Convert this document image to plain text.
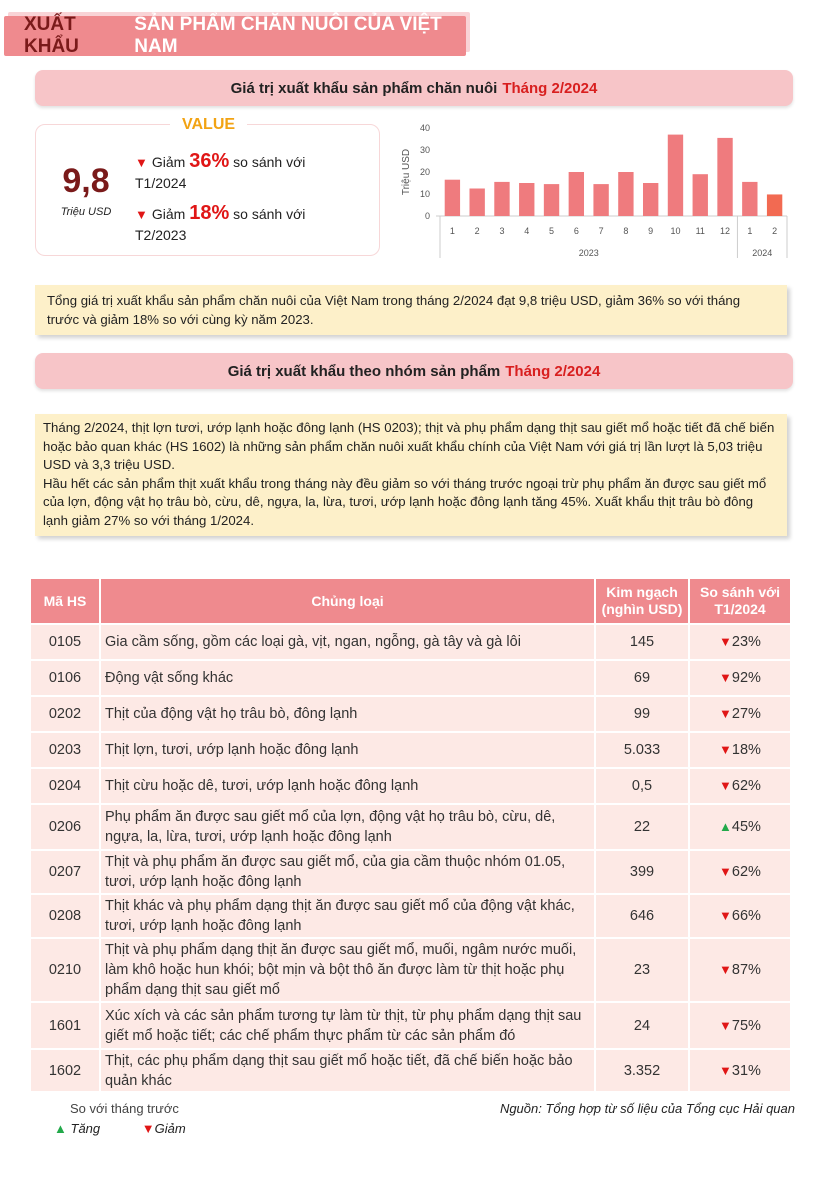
XUẤT KHẨU
SẢN PHẨM CHĂN NUÔI CỦA VIỆT NAM
Giá trị xuất khẩu sản phẩm chăn nuôi Tháng 2/2024
VALUE
9,8
Triệu USD
▼ Giảm 36% so sánh với T1/2024
▼ Giảm 18% so sánh với T2/2023
Triệu USD
0
10
20
30
40
1 2 3 4 5 6 7 8 9 10 11 12 1 2
2023	2024

Tổng giá trị xuất khẩu sản phẩm chăn nuôi của Việt Nam trong tháng 2/2024 đạt 9,8 triệu USD, giảm 36% so với tháng trước và giảm 18% so với cùng kỳ năm 2023.

Giá trị xuất khẩu theo nhóm sản phẩm Tháng 2/2024

Tháng 2/2024, thịt lợn tươi, ướp lạnh hoặc đông lạnh (HS 0203); thịt và phụ phẩm dạng thịt sau giết mổ hoặc tiết đã chế biến hoặc bảo quan khác (HS 1602) là những sản phẩm chăn nuôi xuất khẩu chính của Việt Nam với giá trị lần lượt là 5,03 triệu USD và 3,3 triệu USD.

Hầu hết các sản phẩm thịt xuất khẩu trong tháng này đều giảm so với tháng trước ngoại trừ phụ phẩm ăn được sau giết mổ của lợn, động vật họ trâu bò, cừu, dê, ngựa, la, lừa, tươi, ướp lạnh hoặc đông lạnh tăng 45%. Xuất khẩu thịt trâu bò đông lạnh giảm 27% so với tháng 1/2024.

Mã HS	Chủng loại	Kim ngạch (nghìn USD)	So sánh với T1/2024

0105	Gia cầm sống, gồm các loại gà, vịt, ngan, ngỗng, gà tây và gà lôi	145	▼23%
0106	Động vật sống khác	69	▼92%
0202	Thịt của động vật họ trâu bò, đông lạnh	99	▼27%
0203	Thịt lợn, tươi, ướp lạnh hoặc đông lạnh	5.033	▼18%
0204	Thịt cừu hoặc dê, tươi, ướp lạnh hoặc đông lạnh	0,5	▼62%
0206	Phụ phẩm ăn được sau giết mổ của lợn, động vật họ trâu bò, cừu, dê, ngựa, la, lừa, tươi, ướp lạnh hoặc đông lạnh	22	▲45%
0207	Thịt và phụ phẩm ăn được sau giết mổ, của gia cầm thuộc nhóm 01.05, tươi, ướp lạnh hoặc đông lạnh	399	▼62%
0208	Thịt khác và phụ phẩm dạng thịt ăn được sau giết mổ của động vật khác, tươi, ướp lạnh hoặc đông lạnh	646	▼66%
0210	Thịt và phụ phẩm dạng thịt ăn được sau giết mổ, muối, ngâm nước muối, làm khô hoặc hun khói; bột mịn và bột thô ăn được làm từ thịt hoặc phụ phẩm dạng thịt sau giết mổ	23	▼87%
1601	Xúc xích và các sản phẩm tương tự làm từ thịt, từ phụ phẩm dạng thịt sau giết mổ hoặc tiết; các chế phẩm thực phẩm từ các sản phẩm đó	24	▼75%
1602	Thịt, các phụ phẩm dạng thịt sau giết mổ hoặc tiết, đã chế biến hoặc bảo quản khác	3.352	▼31%
So với tháng trước
▲ Tăng	▼Giảm
Nguồn: Tổng hợp từ số liệu của Tổng cục Hải quan
